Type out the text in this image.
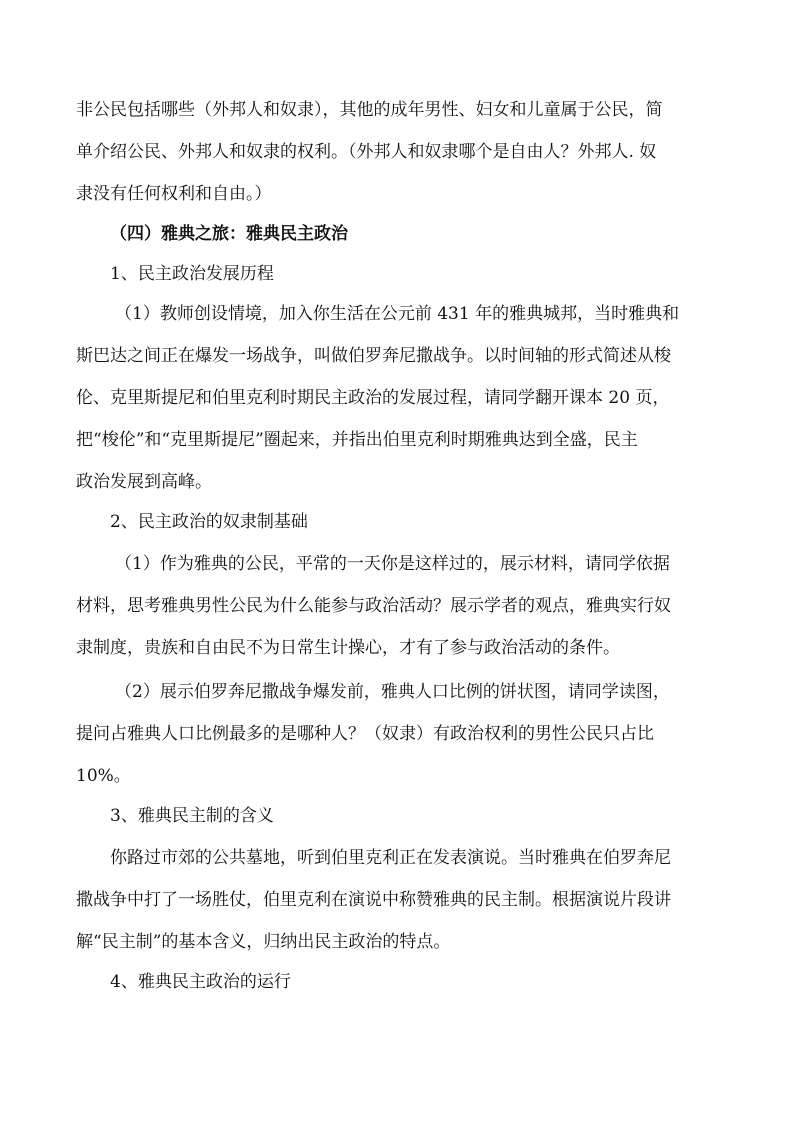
非公民包括哪些（外邦人和奴隶），其他的成年男性、妇女和儿童属于公民，简
单介绍公民、外邦人和奴隶的权利。（外邦人和奴隶哪个是自由人？外邦人. 奴
隶没有任何权利和自由。）
（四）雅典之旅：雅典民主政治
1、民主政治发展历程
（1）教师创设情境，加入你生活在公元前 431 年的雅典城邦，当时雅典和
斯巴达之间正在爆发一场战争，叫做伯罗奔尼撒战争。以时间轴的形式简述从梭
伦、克里斯提尼和伯里克利时期民主政治的发展过程，请同学翻开课本 20 页，
把“梭伦”和“克里斯提尼”圈起来，并指出伯里克利时期雅典达到全盛，民主
政治发展到高峰。
2、民主政治的奴隶制基础
（1）作为雅典的公民，平常的一天你是这样过的，展示材料，请同学依据
材料，思考雅典男性公民为什么能参与政治活动？展示学者的观点，雅典实行奴
隶制度，贵族和自由民不为日常生计操心，才有了参与政治活动的条件。
（2）展示伯罗奔尼撒战争爆发前，雅典人口比例的饼状图，请同学读图，
提问占雅典人口比例最多的是哪种人？（奴隶）有政治权利的男性公民只占比
10%。
3、雅典民主制的含义
你路过市郊的公共墓地，听到伯里克利正在发表演说。当时雅典在伯罗奔尼
撒战争中打了一场胜仗，伯里克利在演说中称赞雅典的民主制。根据演说片段讲
解“民主制”的基本含义，归纳出民主政治的特点。
4、雅典民主政治的运行
